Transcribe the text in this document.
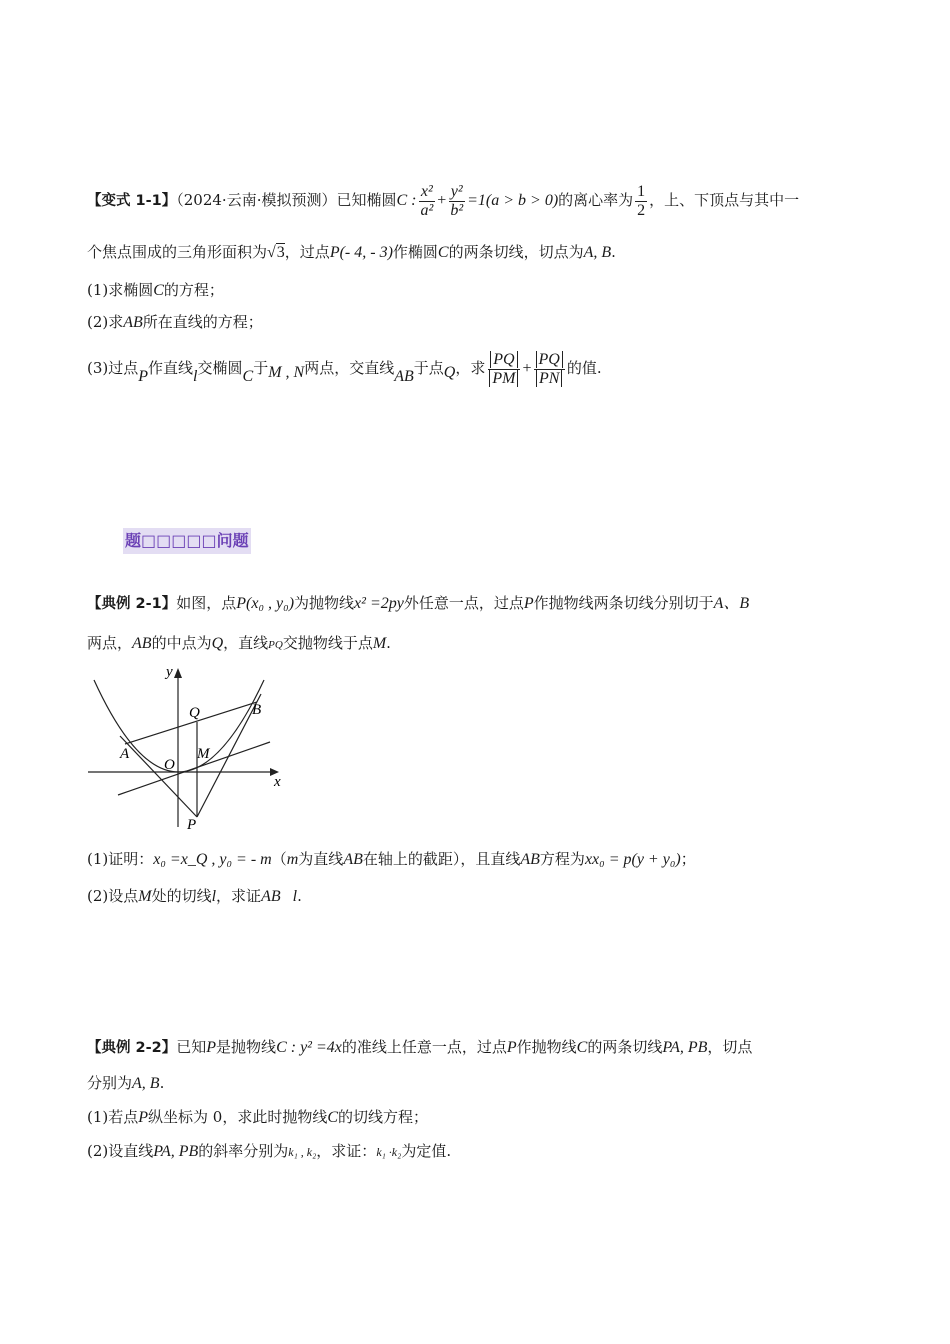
【变式 1-1】（2024·云南·模拟预测）已知椭圆C : $\frac{\text{x²}}{\text{a²}} + \frac{\text{y²}}{\text{b²}} =1(a > b > 0)$的离心率为 $\frac{1}{2}$ ，上、下顶点与其中一
个焦点围成的三角形面积为√3，过点P(- 4, - 3)作椭圆C的两条切线，切点为A, B.
(1)求椭圆C的方程；
(2)求AB所在直线的方程；
(3)过点P作直线l交椭圆C于M , N两点，交直线AB于点Q，求 $\frac{PQ}{PM} + \frac{PQ}{PN}$ 的值.
题□□□□□问题
【典例 2-1】如图，点P(x₀ , y₀)为抛物线x² =2py外任意一点，过点P作抛物线两条切线分别切于A、B
两点，AB的中点为Q，直线PQ交抛物线于点M.
y
x
Q	B
A	M
O
P
(1)证明：x₀ =x_Q , y₀ = - m（m为直线AB在轴上的截距），且直线AB方程为xx₀ = p(y + y₀)；
(2)设点M处的切线l，求证AB   l.
【典例 2-2】已知P是抛物线C : y² =4x的准线上任意一点，过点P作抛物线C的两条切线PA, PB，切点
分别为A, B.
(1)若点P纵坐标为 0，求此时抛物线C的切线方程；
(2)设直线PA, PB的斜率分别为k₁ , k₂，求证：k₁ ·k₂为定值.
